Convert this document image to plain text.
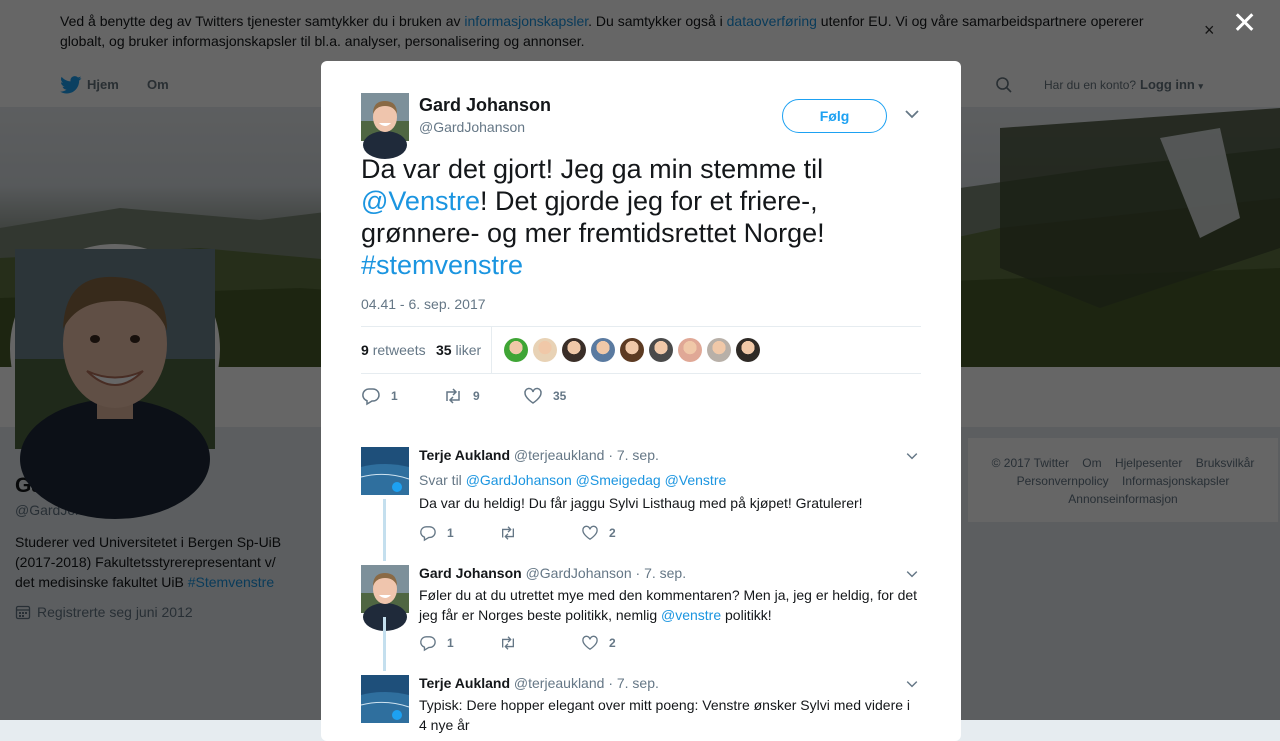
✕
Gard Johanson
@GardJohanson
Følg
Da var det gjort! Jeg ga min stemme til @Venstre! Det gjorde jeg for et friere-, grønnere- og mer fremtidsrettet Norge! #stemvenstre
04.41 - 6. sep. 2017
9 retweets 35 liker
1	9	35
Terje Aukland @terjeaukland · 7. sep.
Svar til @GardJohanson @Smeigedag @Venstre
Da var du heldig! Du får jaggu Sylvi Listhaug med på kjøpet! Gratulerer!
1	2
Gard Johanson @GardJohanson · 7. sep.
Føler du at du utrettet mye med den kommentaren? Men ja, jeg er heldig, for det jeg får er Norges beste politikk, nemlig @venstre politikk!
1	2
Terje Aukland @terjeaukland · 7. sep.
Typisk: Dere hopper elegant over mitt poeng: Venstre ønsker Sylvi med videre i 4 nye år
